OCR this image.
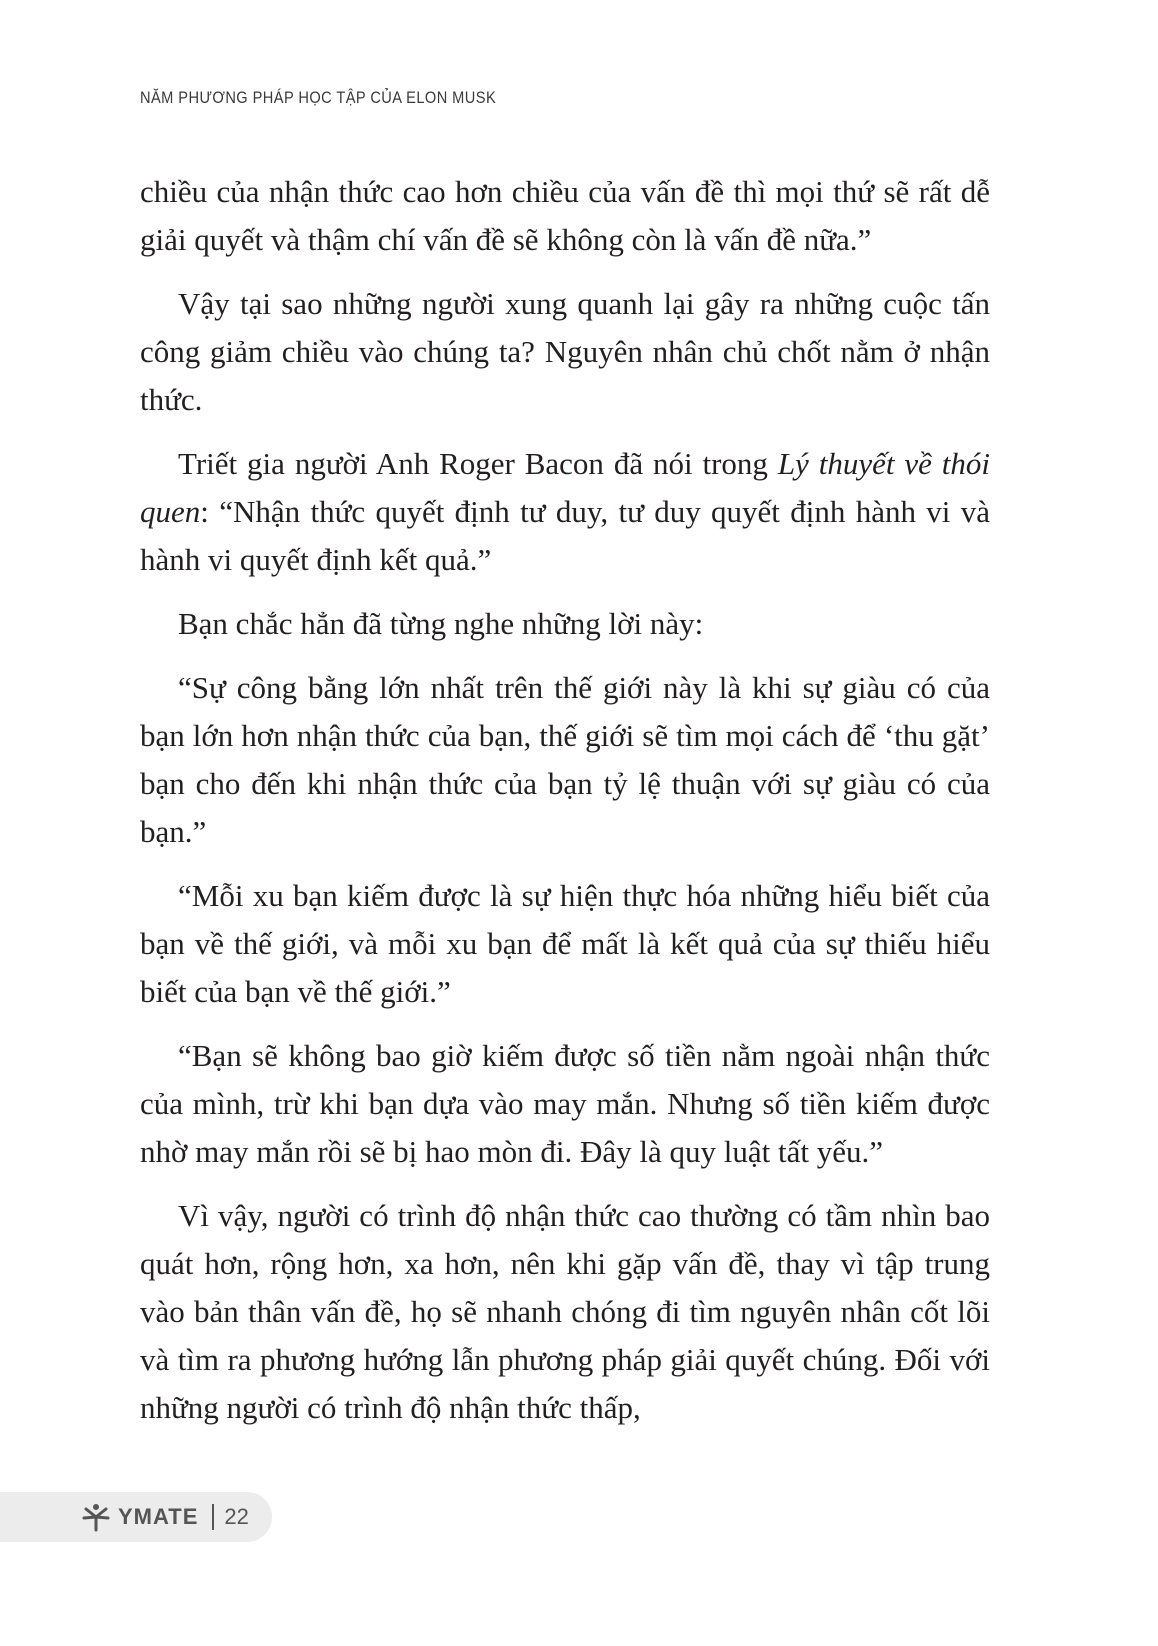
NĂM PHƯƠNG PHÁP HỌC TẬP CỦA ELON MUSK

chiều của nhận thức cao hơn chiều của vấn đề thì mọi thứ sẽ rất dễ giải quyết và thậm chí vấn đề sẽ không còn là vấn đề nữa.”

Vậy tại sao những người xung quanh lại gây ra những cuộc tấn công giảm chiều vào chúng ta? Nguyên nhân chủ chốt nằm ở nhận thức.

Triết gia người Anh Roger Bacon đã nói trong Lý thuyết về thói quen: “Nhận thức quyết định tư duy, tư duy quyết định hành vi và hành vi quyết định kết quả.”

Bạn chắc hẳn đã từng nghe những lời này:

“Sự công bằng lớn nhất trên thế giới này là khi sự giàu có của bạn lớn hơn nhận thức của bạn, thế giới sẽ tìm mọi cách để ‘thu gặt’ bạn cho đến khi nhận thức của bạn tỷ lệ thuận với sự giàu có của bạn.”

“Mỗi xu bạn kiếm được là sự hiện thực hóa những hiểu biết của bạn về thế giới, và mỗi xu bạn để mất là kết quả của sự thiếu hiểu biết của bạn về thế giới.”

“Bạn sẽ không bao giờ kiếm được số tiền nằm ngoài nhận thức của mình, trừ khi bạn dựa vào may mắn. Nhưng số tiền kiếm được nhờ may mắn rồi sẽ bị hao mòn đi. Đây là quy luật tất yếu.”

Vì vậy, người có trình độ nhận thức cao thường có tầm nhìn bao quát hơn, rộng hơn, xa hơn, nên khi gặp vấn đề, thay vì tập trung vào bản thân vấn đề, họ sẽ nhanh chóng đi tìm nguyên nhân cốt lõi và tìm ra phương hướng lẫn phương pháp giải quyết chúng. Đối với những người có trình độ nhận thức thấp,

YMATE 22
